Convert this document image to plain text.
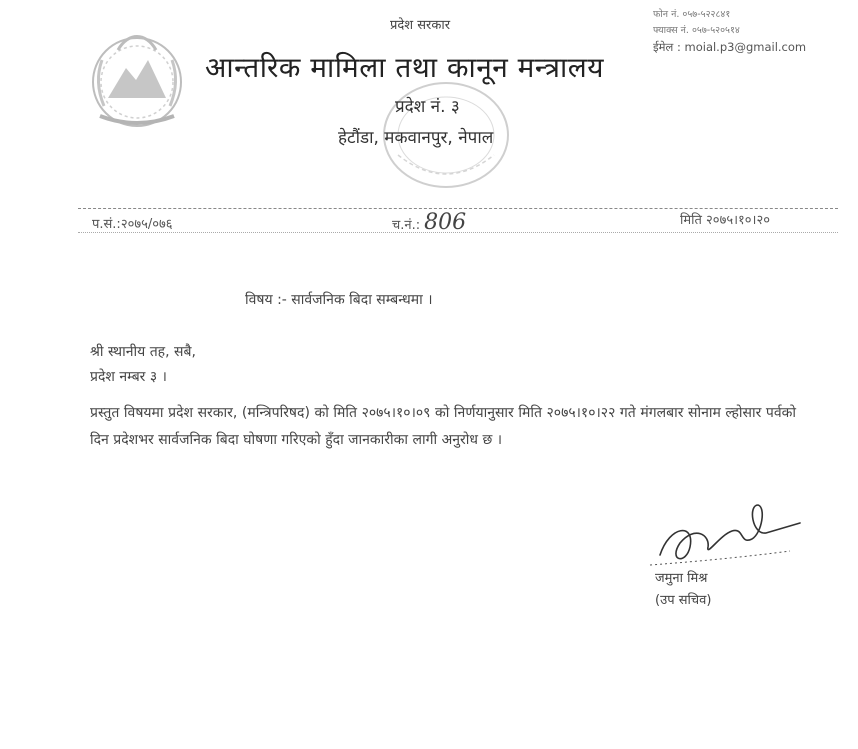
प्रदेश सरकार
आन्तरिक मामिला तथा कानून मन्त्रालय
प्रदेश नं. ३
हेटौंडा, मकवानपुर, नेपाल
फोन नं. ०५७-५२२८४१
फ्याक्स नं. ०५७-५२०५१४
ईमेल : moial.p3@gmail.com
प.सं.:२०७५/०७६	च.नं.: 806	मिति २०७५।१०।२०
विषय :- सार्वजनिक बिदा सम्बन्धमा ।
श्री स्थानीय तह, सबै,
प्रदेश नम्बर ३ ।
प्रस्तुत विषयमा प्रदेश सरकार, (मन्त्रिपरिषद) को मिति २०७५।१०।०९ को निर्णयानुसार मिति २०७५।१०।२२ गते मंगलबार सोनाम ल्होसार पर्वको दिन प्रदेशभर सार्वजनिक बिदा घोषणा गरिएको हुँदा जानकारीका लागी अनुरोध छ ।
जमुना मिश्र
(उप सचिव)
